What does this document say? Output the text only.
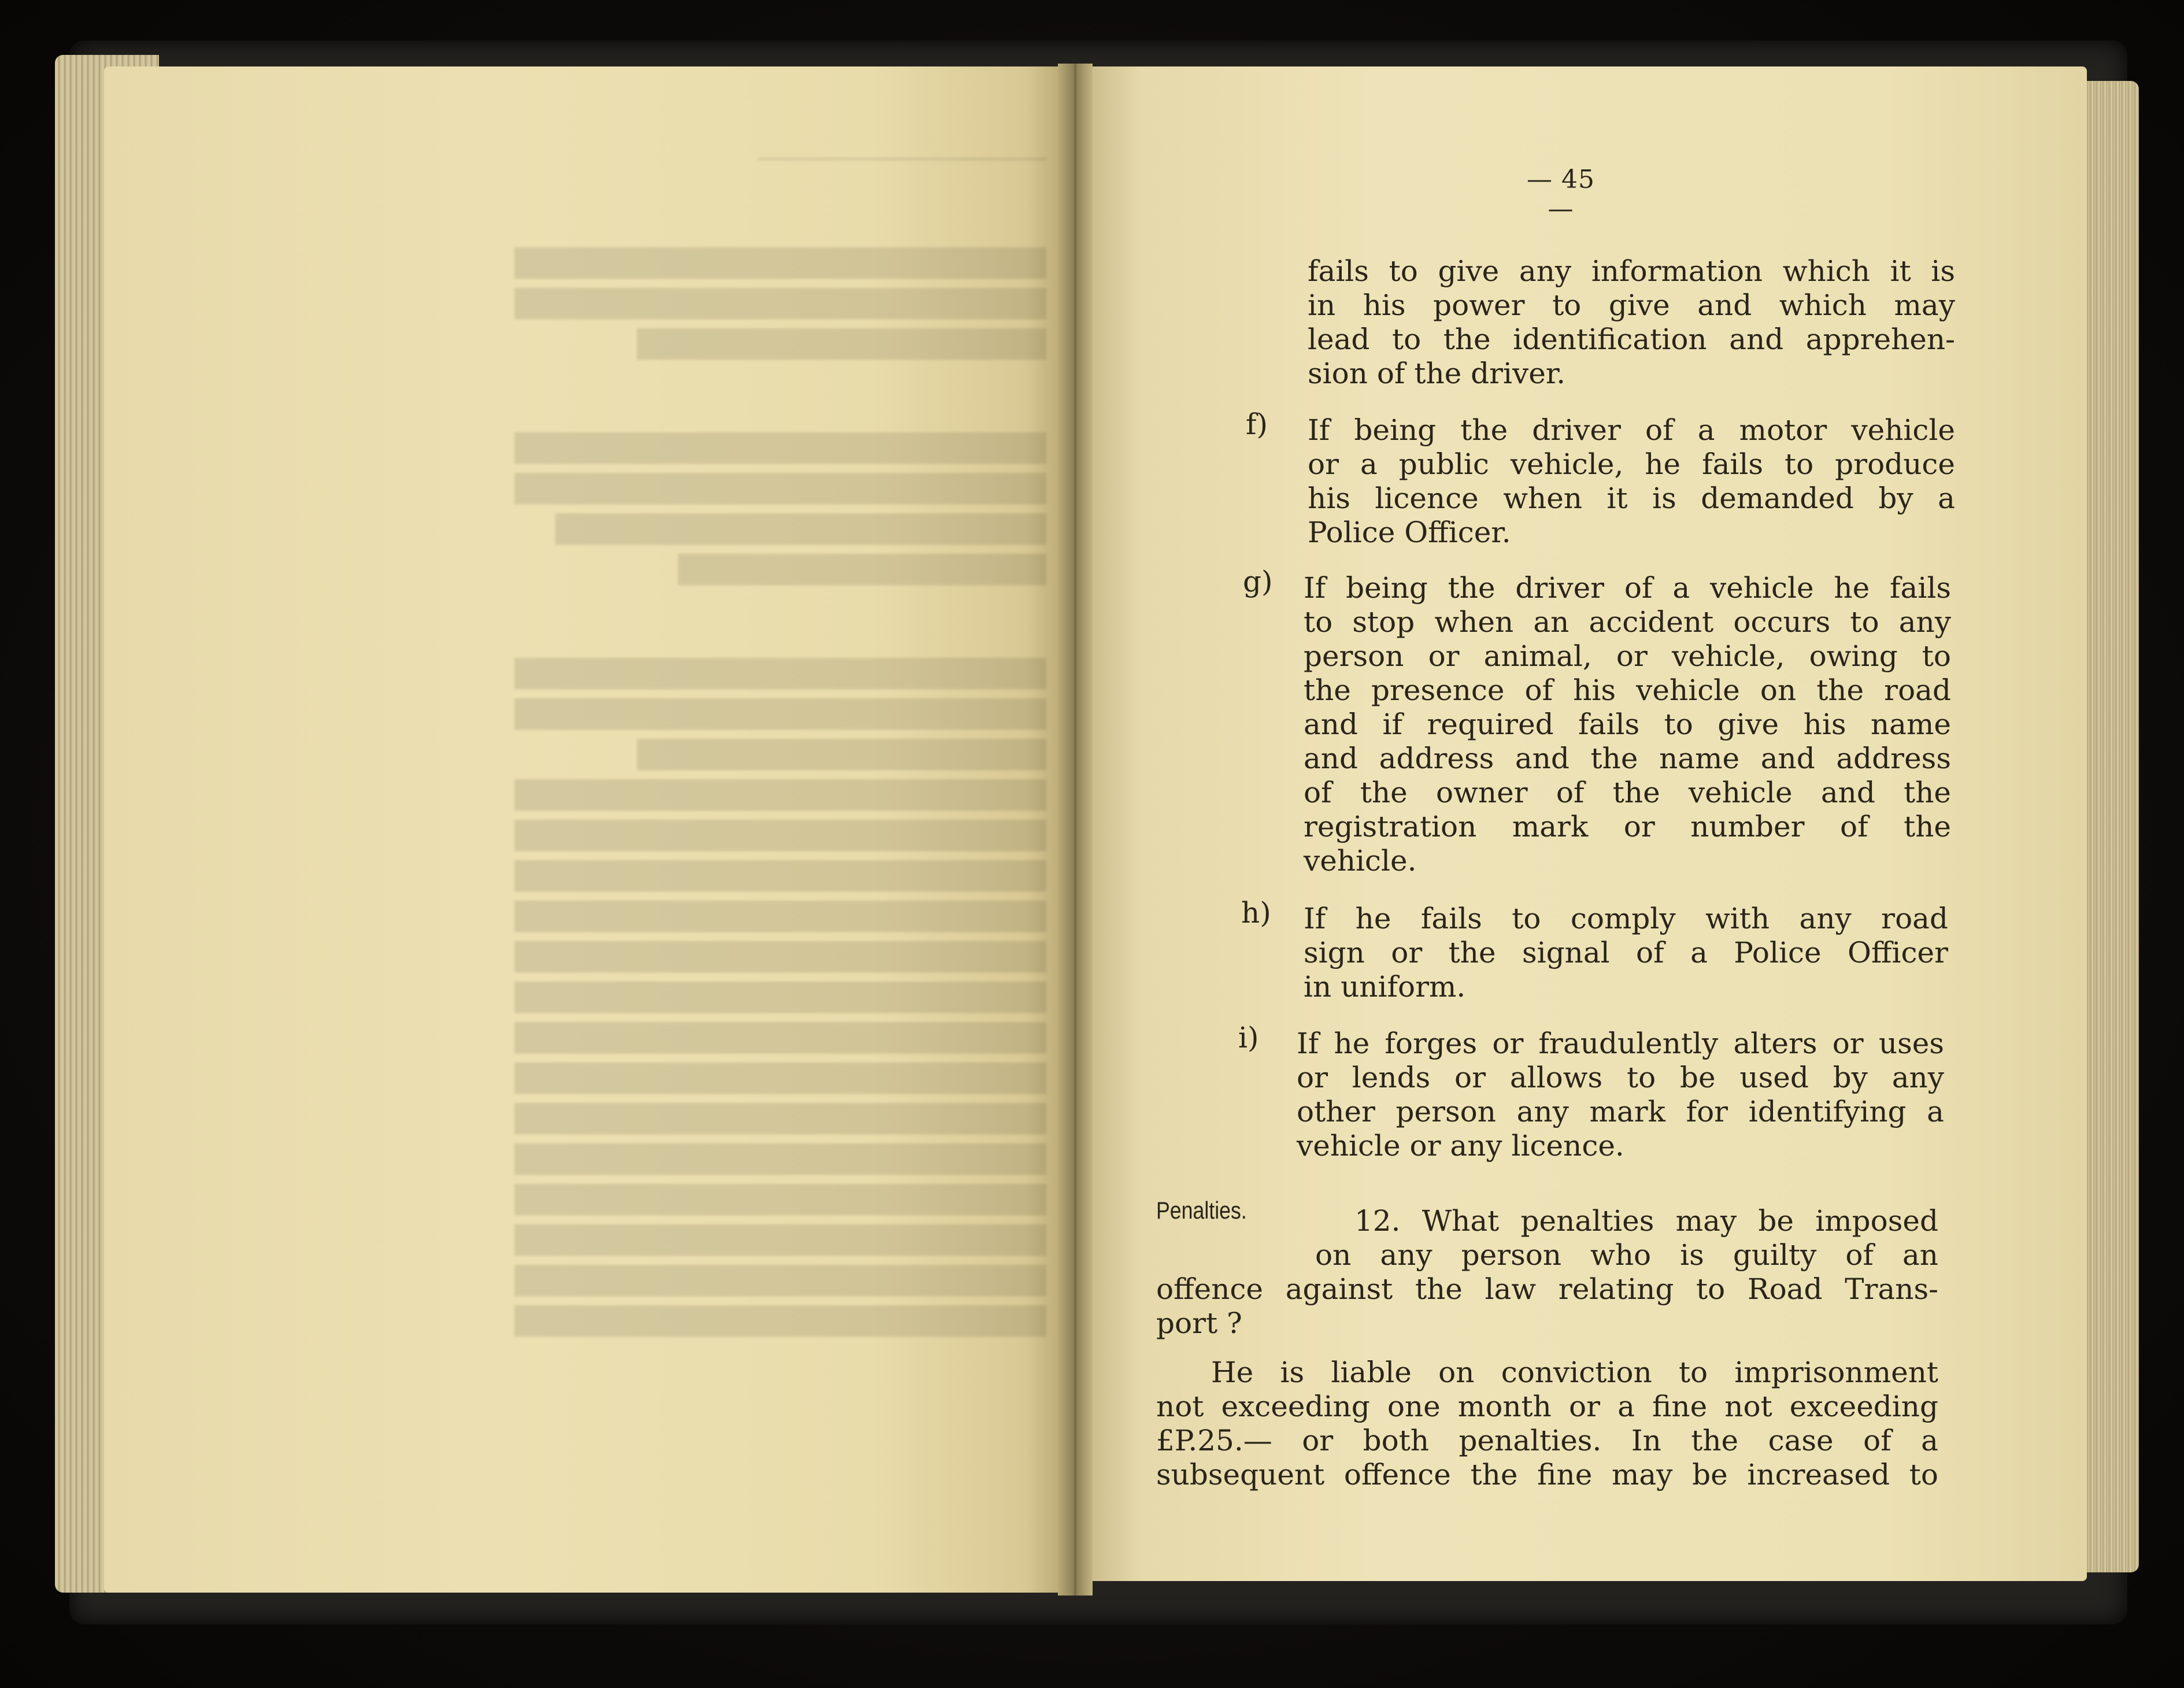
──────────────────
██████████████████████████
██████████████████████████
████████████████████
██████████████████████████
██████████████████████████
████████████████████████
██████████████████
██████████████████████████
██████████████████████████
████████████████████
██████████████████████████
██████████████████████████
██████████████████████████
██████████████████████████
██████████████████████████
██████████████████████████
██████████████████████████
██████████████████████████
██████████████████████████
██████████████████████████
██████████████████████████
██████████████████████████
██████████████████████████
██████████████████████████
— 45 —
fails to give any information which it is
in his power to give and which may
lead to the identification and apprehen-
sion of the driver.
f) If being the driver of a motor vehicle
or a public vehicle, he fails to produce
his licence when it is demanded by a
Police Officer.
g) If being the driver of a vehicle he fails
to stop when an accident occurs to any
person or animal, or vehicle, owing to
the presence of his vehicle on the road
and if required fails to give his name
and address and the name and address
of the owner of the vehicle and the
registration mark or number of the
vehicle.
h) If he fails to comply with any road
sign or the signal of a Police Officer
in uniform.
i) If he forges or fraudulently alters or uses
or lends or allows to be used by any
other person any mark for identifying a
vehicle or any licence.
Penalties.	12. What penalties may be imposed
on any person who is guilty of an
offence against the law relating to Road Trans-
port ?
He is liable on conviction to imprisonment
not exceeding one month or a fine not exceeding
£P.25.— or both penalties. In the case of a
subsequent offence the fine may be increased to
